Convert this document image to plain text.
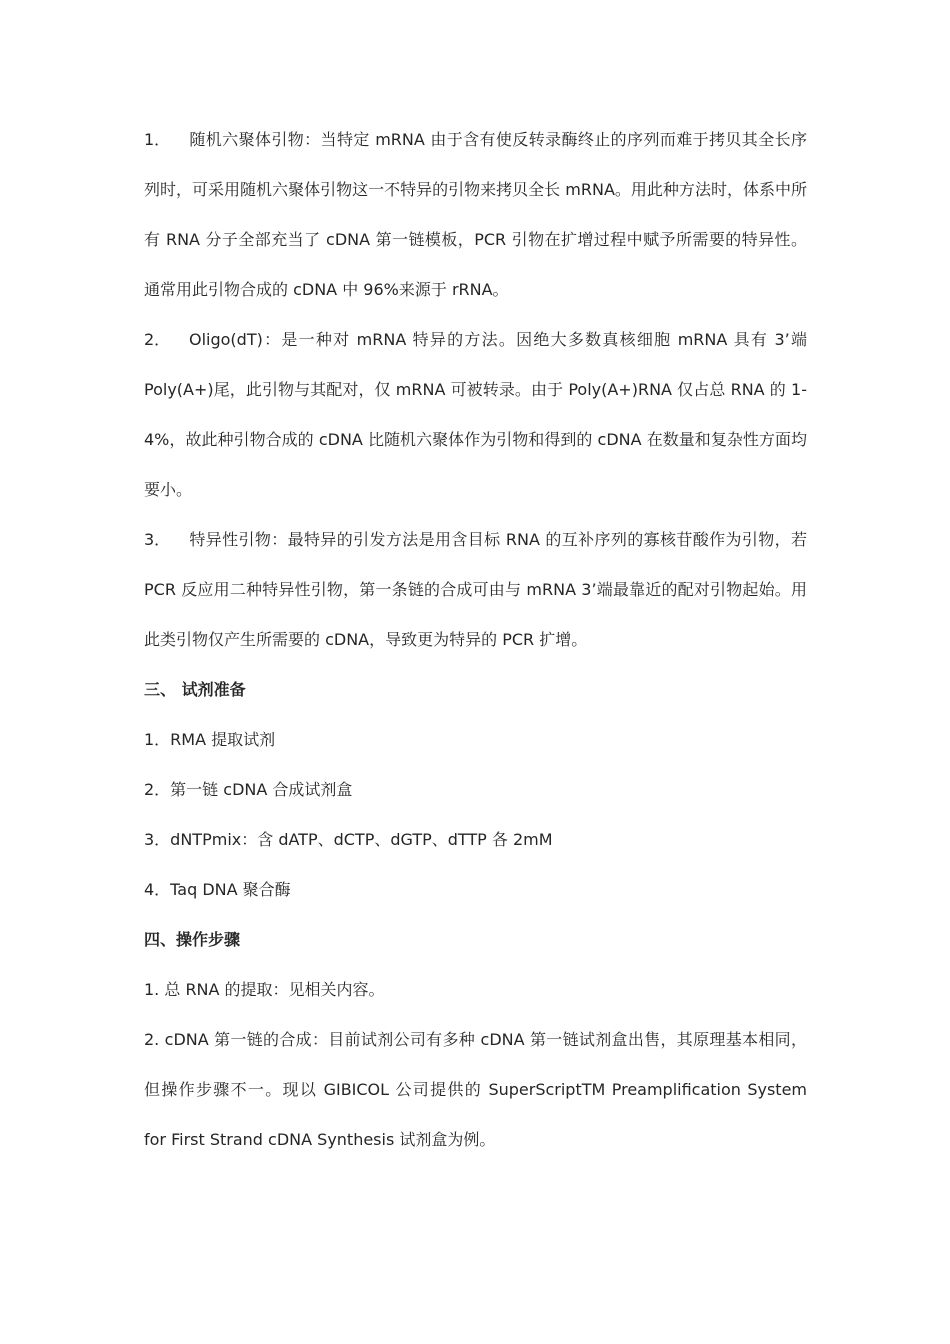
1． 随机六聚体引物：当特定 mRNA 由于含有使反转录酶终止的序列而难于拷贝其全长序列时，可采用随机六聚体引物这一不特异的引物来拷贝全长 mRNA。用此种方法时，体系中所有 RNA 分子全部充当了 cDNA 第一链模板，PCR 引物在扩增过程中赋予所需要的特异性。通常用此引物合成的 cDNA 中 96%来源于 rRNA。

2． Oligo(dT)：是一种对 mRNA 特异的方法。因绝大多数真核细胞 mRNA 具有 3’端 Poly(A+)尾，此引物与其配对，仅 mRNA 可被转录。由于 Poly(A+)RNA 仅占总 RNA 的 1-4%，故此种引物合成的 cDNA 比随机六聚体作为引物和得到的 cDNA 在数量和复杂性方面均要小。

3． 特异性引物：最特异的引发方法是用含目标 RNA 的互补序列的寡核苷酸作为引物，若 PCR 反应用二种特异性引物，第一条链的合成可由与 mRNA 3’端最靠近的配对引物起始。用此类引物仅产生所需要的 cDNA，导致更为特异的 PCR 扩增。

三、 试剂准备

1．RMA 提取试剂

2．第一链 cDNA 合成试剂盒

3．dNTPmix：含 dATP、dCTP、dGTP、dTTP 各 2mM

4．Taq DNA 聚合酶

四、操作步骤

1. 总 RNA 的提取：见相关内容。

2. cDNA 第一链的合成：目前试剂公司有多种 cDNA 第一链试剂盒出售，其原理基本相同，但操作步骤不一。现以 GIBICOL 公司提供的 SuperScriptTM Preamplification System for First Strand cDNA Synthesis 试剂盒为例。
